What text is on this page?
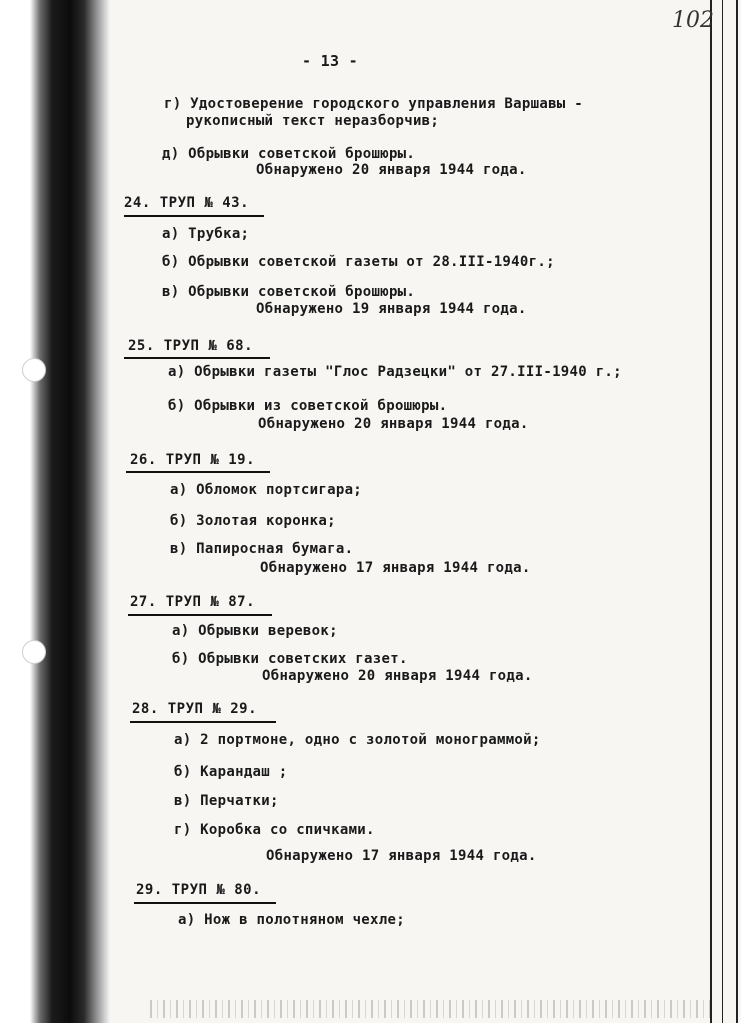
102
- 13 -
г) Удостоверение городского управления Варшавы -
рукописный текст неразборчив;
д) Обрывки советской брошюры.
Обнаружено 20 января 1944 года.
24. ТРУП № 43.
а) Трубка;
б) Обрывки советской газеты от 28.III-1940г.;
в) Обрывки советской брошюры.
Обнаружено 19 января 1944 года.
25. ТРУП № 68.
а) Обрывки газеты "Глос Радзецки" от 27.III-1940 г.;
б) Обрывки из советской брошюры.
Обнаружено 20 января 1944 года.
26. ТРУП № 19.
а) Обломок портсигара;
б) Золотая коронка;
в) Папиросная бумага.
Обнаружено 17 января 1944 года.
27. ТРУП № 87.
а) Обрывки веревок;
б) Обрывки советских газет.
Обнаружено 20 января 1944 года.
28. ТРУП № 29.
а) 2 портмоне, одно с золотой монограммой;
б) Карандаш ;
в) Перчатки;
г) Коробка со спичками.
Обнаружено 17 января 1944 года.
29. ТРУП № 80.
а) Нож в полотняном чехле;
